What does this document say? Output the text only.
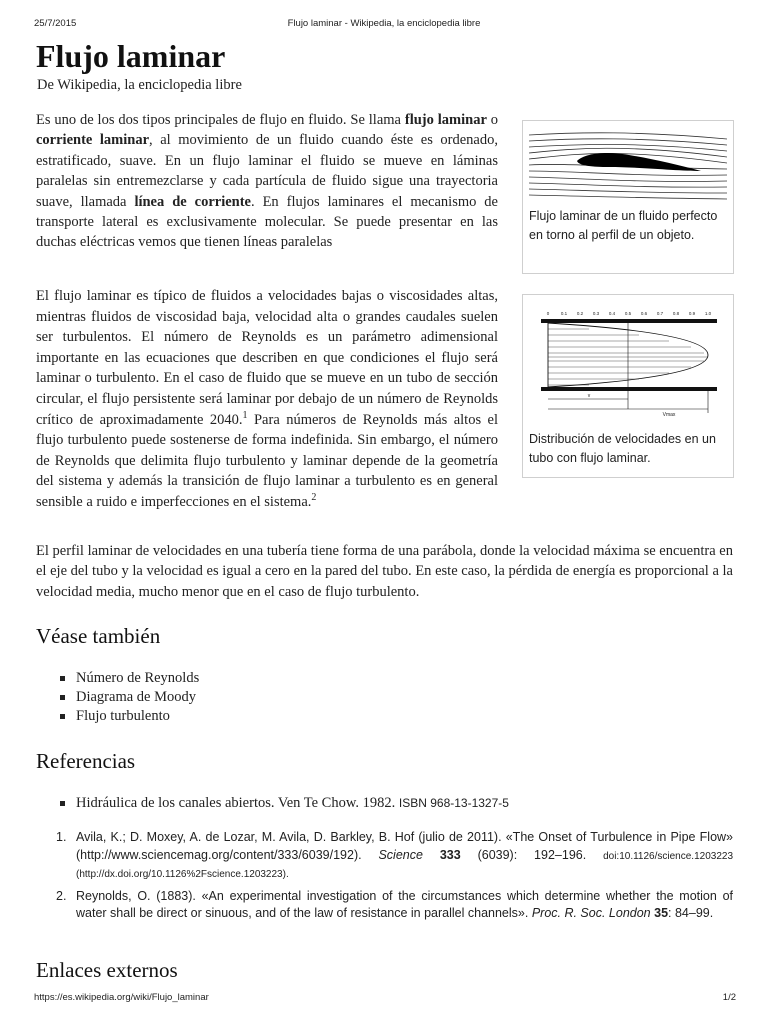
25/7/2015	Flujo laminar - Wikipedia, la enciclopedia libre
Flujo laminar
De Wikipedia, la enciclopedia libre

Es uno de los dos tipos principales de flujo en fluido. Se llama flujo laminar o corriente laminar, al movimiento de un fluido cuando éste es ordenado, estratificado, suave. En un flujo laminar el fluido se mueve en láminas paralelas sin entremezclarse y cada partícula de fluido sigue una trayectoria suave, llamada línea de corriente. En flujos laminares el mecanismo de transporte lateral es exclusivamente molecular. Se puede presentar en las duchas eléctricas vemos que tienen líneas paralelas

Flujo laminar de un fluido perfecto en torno al perfil de un objeto.

El flujo laminar es típico de fluidos a velocidades bajas o viscosidades altas, mientras fluidos de viscosidad baja, velocidad alta o grandes caudales suelen ser turbulentos. El número de Reynolds es un parámetro adimensional importante en las ecuaciones que describen en que condiciones el flujo será laminar o turbulento. En el caso de fluido que se mueve en un tubo de sección circular, el flujo persistente será laminar por debajo de un número de Reynolds crítico de aproximadamente 2040.$^1$ Para números de Reynolds más altos el flujo turbulento puede sostenerse de forma indefinida. Sin embargo, el número de Reynolds que delimita flujo turbulento y laminar depende de la geometría del sistema y además la transición de flujo laminar a turbulento es en general sensible a ruido e imperfecciones en el sistema.$^2$

0	0.1 0.2 0.3 0.4 0.5 0.6 0.7 0.8 0.9 1.0
v
Vmax
Distribución de velocidades en un tubo con flujo laminar.

El perfil laminar de velocidades en una tubería tiene forma de una parábola, donde la velocidad máxima se encuentra en el eje del tubo y la velocidad es igual a cero en la pared del tubo. En este caso, la pérdida de energía es proporcional a la velocidad media, mucho menor que en el caso de flujo turbulento.

Véase también
Número de Reynolds
Diagrama de Moody
Flujo turbulento
Referencias
Hidráulica de los canales abiertos. Ven Te Chow. 1982. ISBN 968-13-1327-5
1. Avila, K.; D. Moxey, A. de Lozar, M. Avila, D. Barkley, B. Hof (julio de 2011). «The Onset of Turbulence in Pipe Flow» (http://www.sciencemag.org/content/333/6039/192). Science 333 (6039): 192–196. doi:10.1126/science.1203223 (http://dx.doi.org/10.1126%2Fscience.1203223).
2. Reynolds, O. (1883). «An experimental investigation of the circumstances which determine whether the motion of water shall be direct or sinuous, and of the law of resistance in parallel channels». Proc. R. Soc. London 35: 84–99.
Enlaces externos
https://es.wikipedia.org/wiki/Flujo_laminar	1/2
